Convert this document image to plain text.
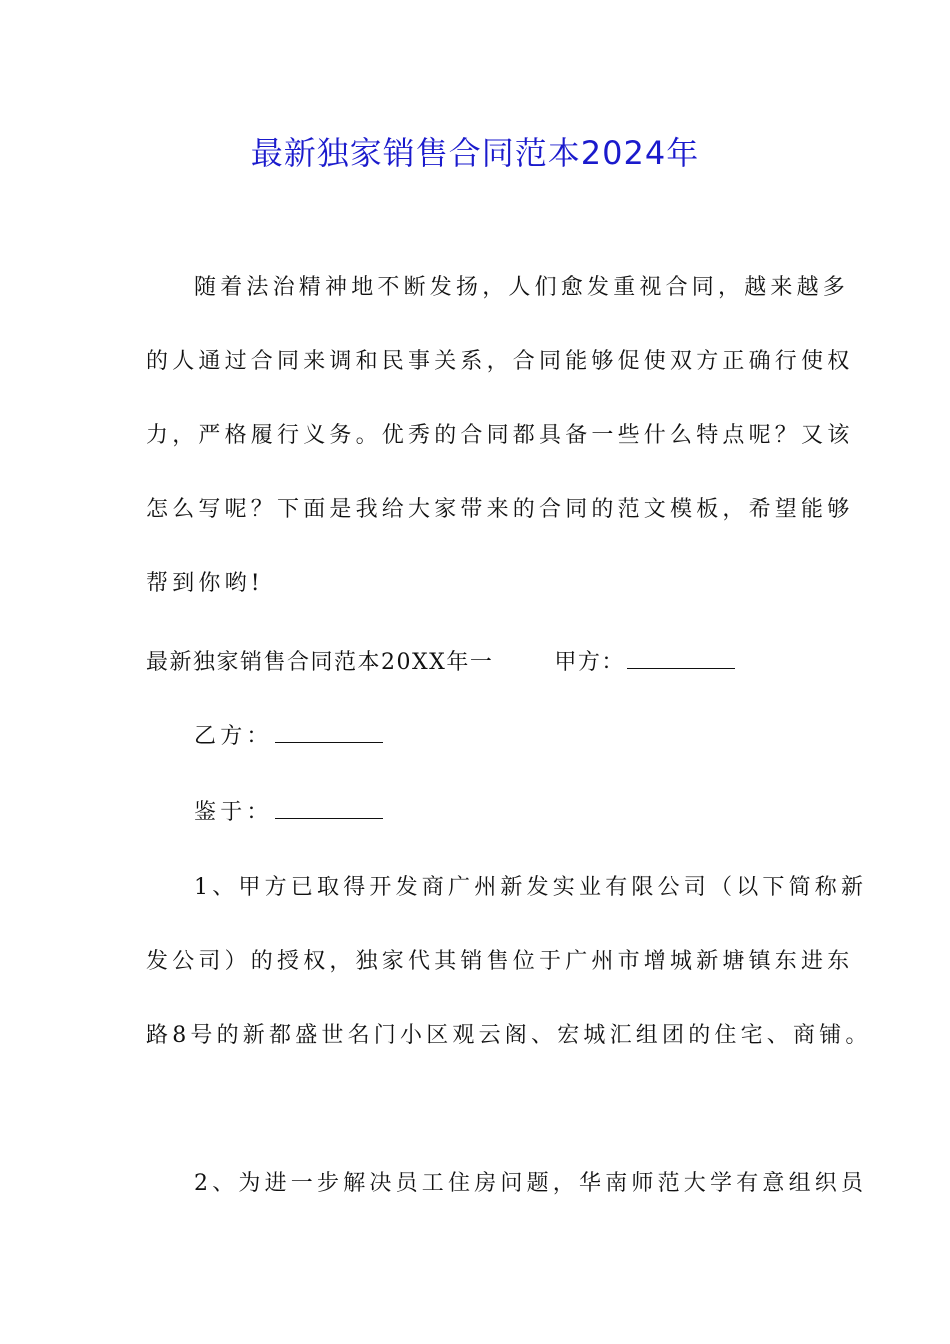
最新独家销售合同范本2024年
随着法治精神地不断发扬，人们愈发重视合同，越来越多
的人通过合同来调和民事关系，合同能够促使双方正确行使权
力，严格履行义务。优秀的合同都具备一些什么特点呢？又该
怎么写呢？下面是我给大家带来的合同的范文模板，希望能够
帮到你哟!
最新独家销售合同范本20XX年一	甲方：
乙方：
鉴于：
1、甲方已取得开发商广州新发实业有限公司（以下简称新
发公司）的授权，独家代其销售位于广州市增城新塘镇东进东
路8号的新都盛世名门小区观云阁、宏城汇组团的住宅、商铺。
2、为进一步解决员工住房问题，华南师范大学有意组织员
